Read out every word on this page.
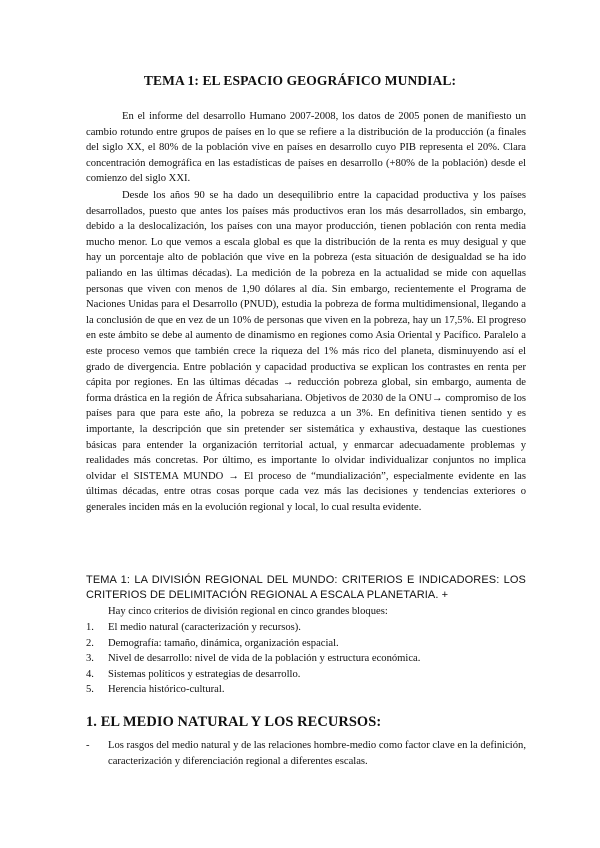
TEMA 1: EL ESPACIO GEOGRÁFICO MUNDIAL:

En el informe del desarrollo Humano 2007-2008, los datos de 2005 ponen de manifiesto un cambio rotundo entre grupos de países en lo que se refiere a la distribución de la producción (a finales del siglo XX, el 80% de la población vive en países en desarrollo cuyo PIB representa el 20%. Clara concentración demográfica en las estadísticas de países en desarrollo (+80% de la población) desde el comienzo del siglo XXI.

Desde los años 90 se ha dado un desequilibrio entre la capacidad productiva y los países desarrollados, puesto que antes los países más productivos eran los más desarrollados, sin embargo, debido a la deslocalización, los países con una mayor producción, tienen población con renta media mucho menor. Lo que vemos a escala global es que la distribución de la renta es muy desigual y que hay un porcentaje alto de población que vive en la pobreza (esta situación de desigualdad se ha ido paliando en las últimas décadas). La medición de la pobreza en la actualidad se mide con aquellas personas que viven con menos de 1,90 dólares al día. Sin embargo, recientemente el Programa de Naciones Unidas para el Desarrollo (PNUD), estudia la pobreza de forma multidimensional, llegando a la conclusión de que en vez de un 10% de personas que viven en la pobreza, hay un 17,5%. El progreso en este ámbito se debe al aumento de dinamismo en regiones como Asia Oriental y Pacífico. Paralelo a este proceso vemos que también crece la riqueza del 1% más rico del planeta, disminuyendo así el grado de divergencia. Entre población y capacidad productiva se explican los contrastes en renta per cápita por regiones. En las últimas décadas → reducción pobreza global, sin embargo, aumenta de forma drástica en la región de África subsahariana. Objetivos de 2030 de la ONU→ compromiso de los países para que para este año, la pobreza se reduzca a un 3%. En definitiva tienen sentido y es importante, la descripción que sin pretender ser sistemática y exhaustiva, destaque las cuestiones básicas para entender la organización territorial actual, y enmarcar adecuadamente problemas y realidades más concretas. Por último, es importante lo olvidar individualizar conjuntos no implica olvidar el SISTEMA MUNDO → El proceso de “mundialización”, especialmente evidente en las últimas décadas, entre otras cosas porque cada vez más las decisiones y tendencias exteriores o generales inciden más en la evolución regional y local, lo cual resulta evidente.

TEMA 1: LA DIVISIÓN REGIONAL DEL MUNDO: CRITERIOS E INDICADORES: LOS CRITERIOS DE DELIMITACIÓN REGIONAL A ESCALA PLANETARIA. +

Hay cinco criterios de división regional en cinco grandes bloques:

1.	El medio natural (caracterización y recursos).
2.	Demografía: tamaño, dinámica, organización espacial.
3.	Nivel de desarrollo: nivel de vida de la población y estructura económica.
4.	Sistemas políticos y estrategias de desarrollo.
5.	Herencia histórico-cultural.
1. EL MEDIO NATURAL Y LOS RECURSOS:
-	Los rasgos del medio natural y de las relaciones hombre-medio como factor clave en la definición, caracterización y diferenciación regional a diferentes escalas.
